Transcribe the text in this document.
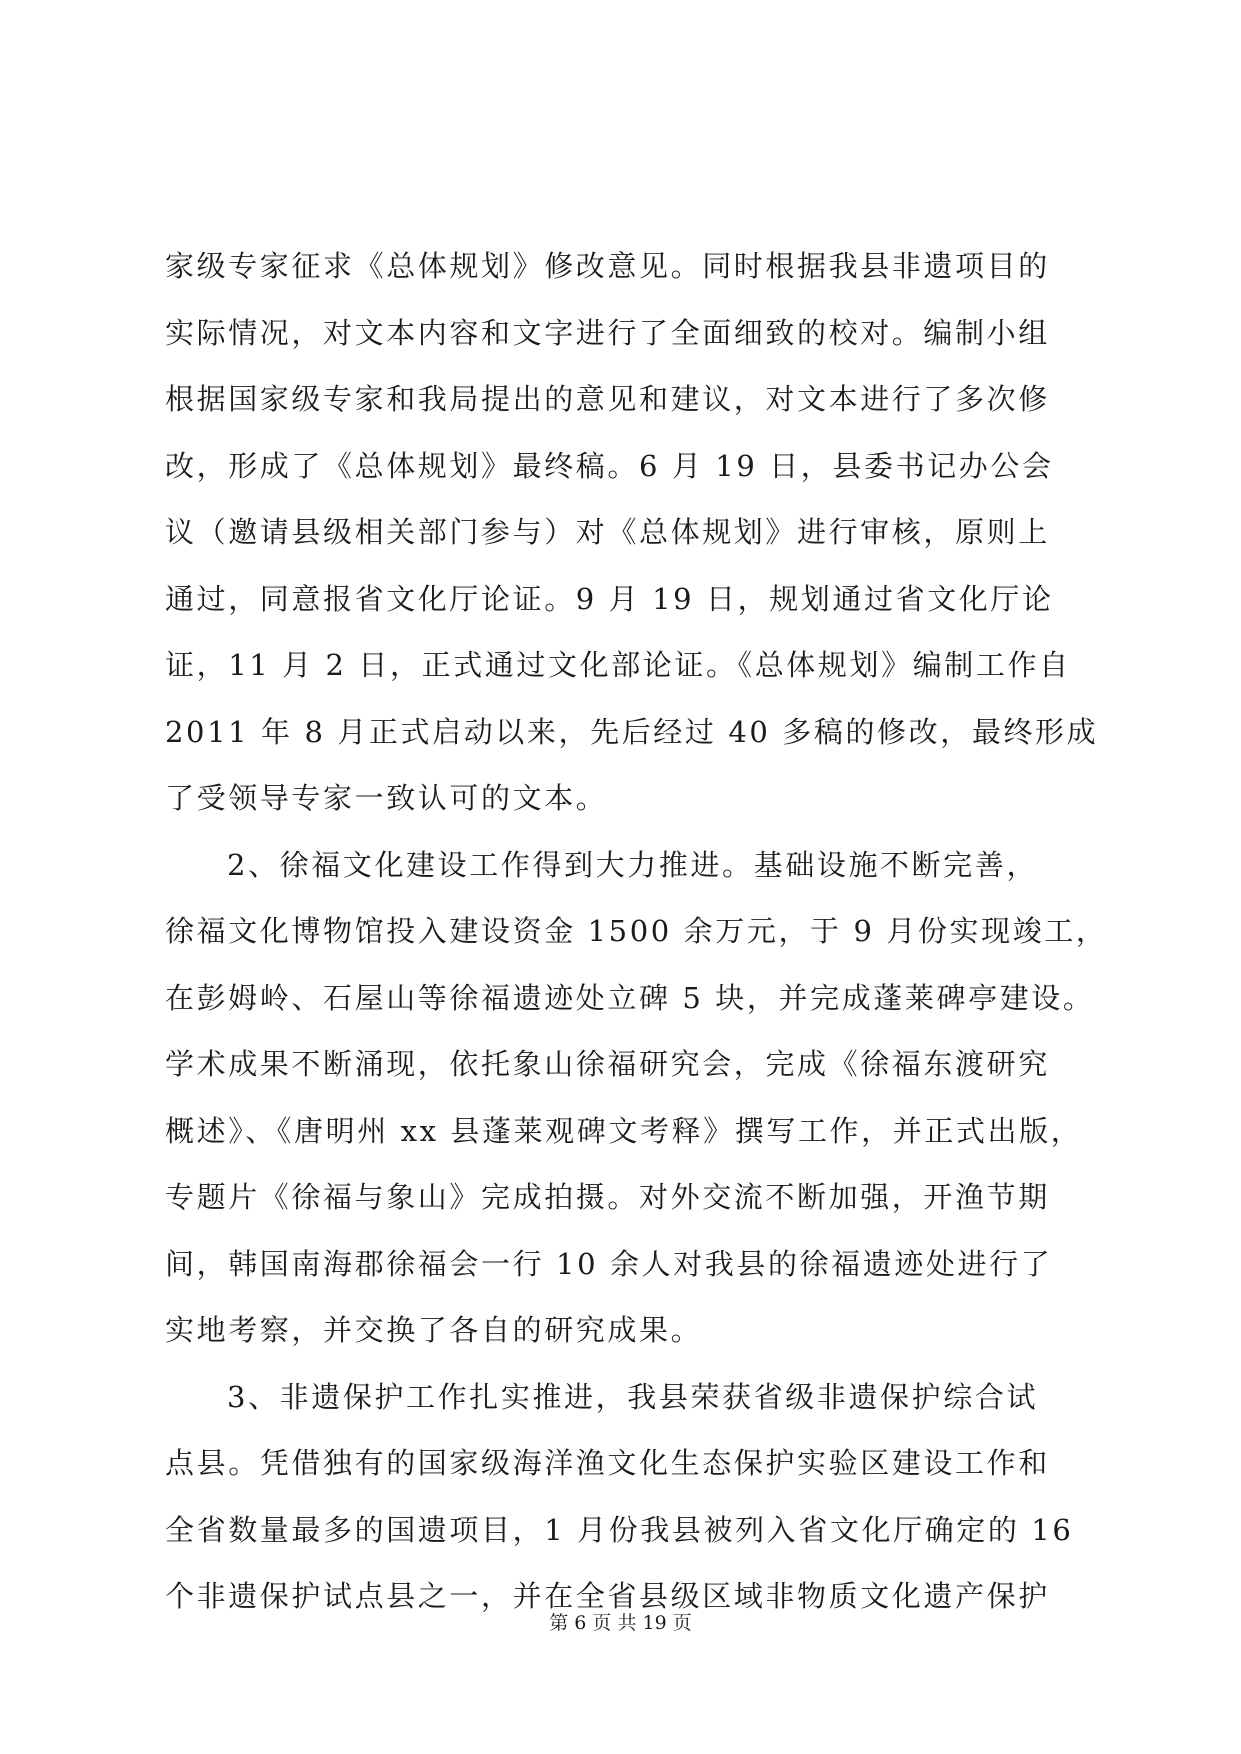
家级专家征求《总体规划》修改意见。同时根据我县非遗项目的
实际情况，对文本内容和文字进行了全面细致的校对。编制小组
根据国家级专家和我局提出的意见和建议，对文本进行了多次修
改，形成了《总体规划》最终稿。6 月 19 日，县委书记办公会
议（邀请县级相关部门参与）对《总体规划》进行审核，原则上
通过，同意报省文化厅论证。9 月 19 日，规划通过省文化厅论
证，11 月 2 日，正式通过文化部论证。《总体规划》编制工作自
2011 年 8 月正式启动以来，先后经过 40 多稿的修改，最终形成
了受领导专家一致认可的文本。
2、徐福文化建设工作得到大力推进。基础设施不断完善，
徐福文化博物馆投入建设资金 1500 余万元，于 9 月份实现竣工，
在彭姆岭、石屋山等徐福遗迹处立碑 5 块，并完成蓬莱碑亭建设。
学术成果不断涌现，依托象山徐福研究会，完成《徐福东渡研究
概述》、《唐明州 xx 县蓬莱观碑文考释》撰写工作，并正式出版，
专题片《徐福与象山》完成拍摄。对外交流不断加强，开渔节期
间，韩国南海郡徐福会一行 10 余人对我县的徐福遗迹处进行了
实地考察，并交换了各自的研究成果。
3、非遗保护工作扎实推进，我县荣获省级非遗保护综合试
点县。凭借独有的国家级海洋渔文化生态保护实验区建设工作和
全省数量最多的国遗项目，1 月份我县被列入省文化厅确定的 16
个非遗保护试点县之一，并在全省县级区域非物质文化遗产保护
第 6 页 共 19 页
